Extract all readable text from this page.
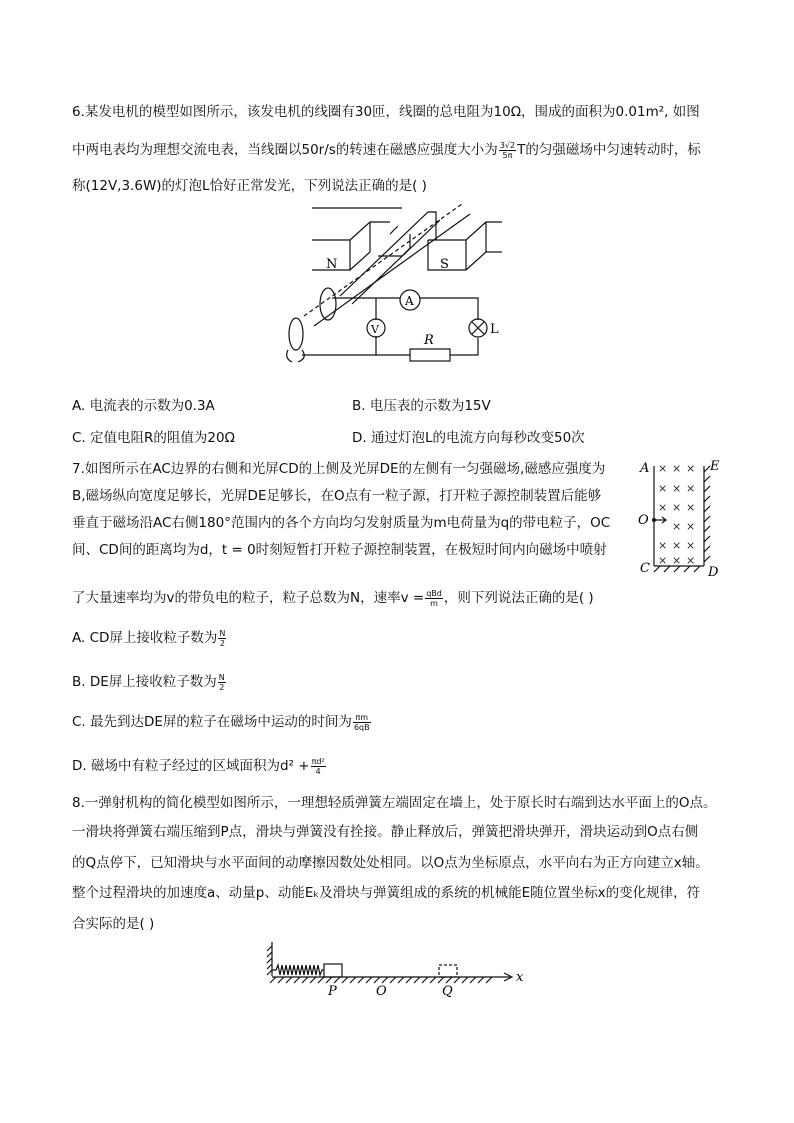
6.某发电机的模型如图所示，该发电机的线圈有30匝，线圈的总电阻为10Ω，围成的面积为0.01m², 如图
中两电表均为理想交流电表，当线圈以50r/s的转速在磁感应强度大小为 $\frac{3√2}{5\pi}$ T的匀强磁场中匀速转动时，标
称(12V,3.6W)的灯泡L恰好正常发光，下列说法正确的是( )
N	S
A
V
R
L
A. 电流表的示数为0.3A	B. 电压表的示数为15V
C. 定值电阻R的阻值为20Ω	D. 通过灯泡L的电流方向每秒改变50次
7.如图所示在AC边界的右侧和光屏CD的上侧及光屏DE的左侧有一匀强磁场,磁感应强度为
B,磁场纵向宽度足够长，光屏DE足够长，在O点有一粒子源，打开粒子源控制装置后能够
垂直于磁场沿AC右侧180°范围内的各个方向均匀发射质量为m电荷量为q的带电粒子，OC
间、CD间的距离均为d，t = 0时刻短暂打开粒子源控制装置，在极短时间内向磁场中喷射
了大量速率均为v的带负电的粒子，粒子总数为N，速率$v = \frac{\text{qBd}}{m}$ ，则下列说法正确的是( )
× × ×
× × ×
× × ×
× ×
× × ×
× × ×
A	E
O
C	D
A. CD屏上接收粒子数为 $\frac{N}{2}$
B. DE屏上接收粒子数为 $\frac{N}{2}$
C. 最先到达DE屏的粒子在磁场中运动的时间为 $\frac{\pi m}{6qB}$
D. 磁场中有粒子经过的区域面积为$d^2 + \frac{\text{πd²}}{4}$
8.一弹射机构的简化模型如图所示，一理想轻质弹簧左端固定在墙上，处于原长时右端到达水平面上的O点。
一滑块将弹簧右端压缩到P点，滑块与弹簧没有拴接。静止释放后，弹簧把滑块弹开，滑块运动到O点右侧
的Q点停下，已知滑块与水平面间的动摩擦因数处处相同。以O点为坐标原点，水平向右为正方向建立x轴。
整个过程滑块的加速度a、动量p、动能Eₖ及滑块与弹簧组成的系统的机械能E随位置坐标x的变化规律，符
合实际的是( )
P	O	Q
x
